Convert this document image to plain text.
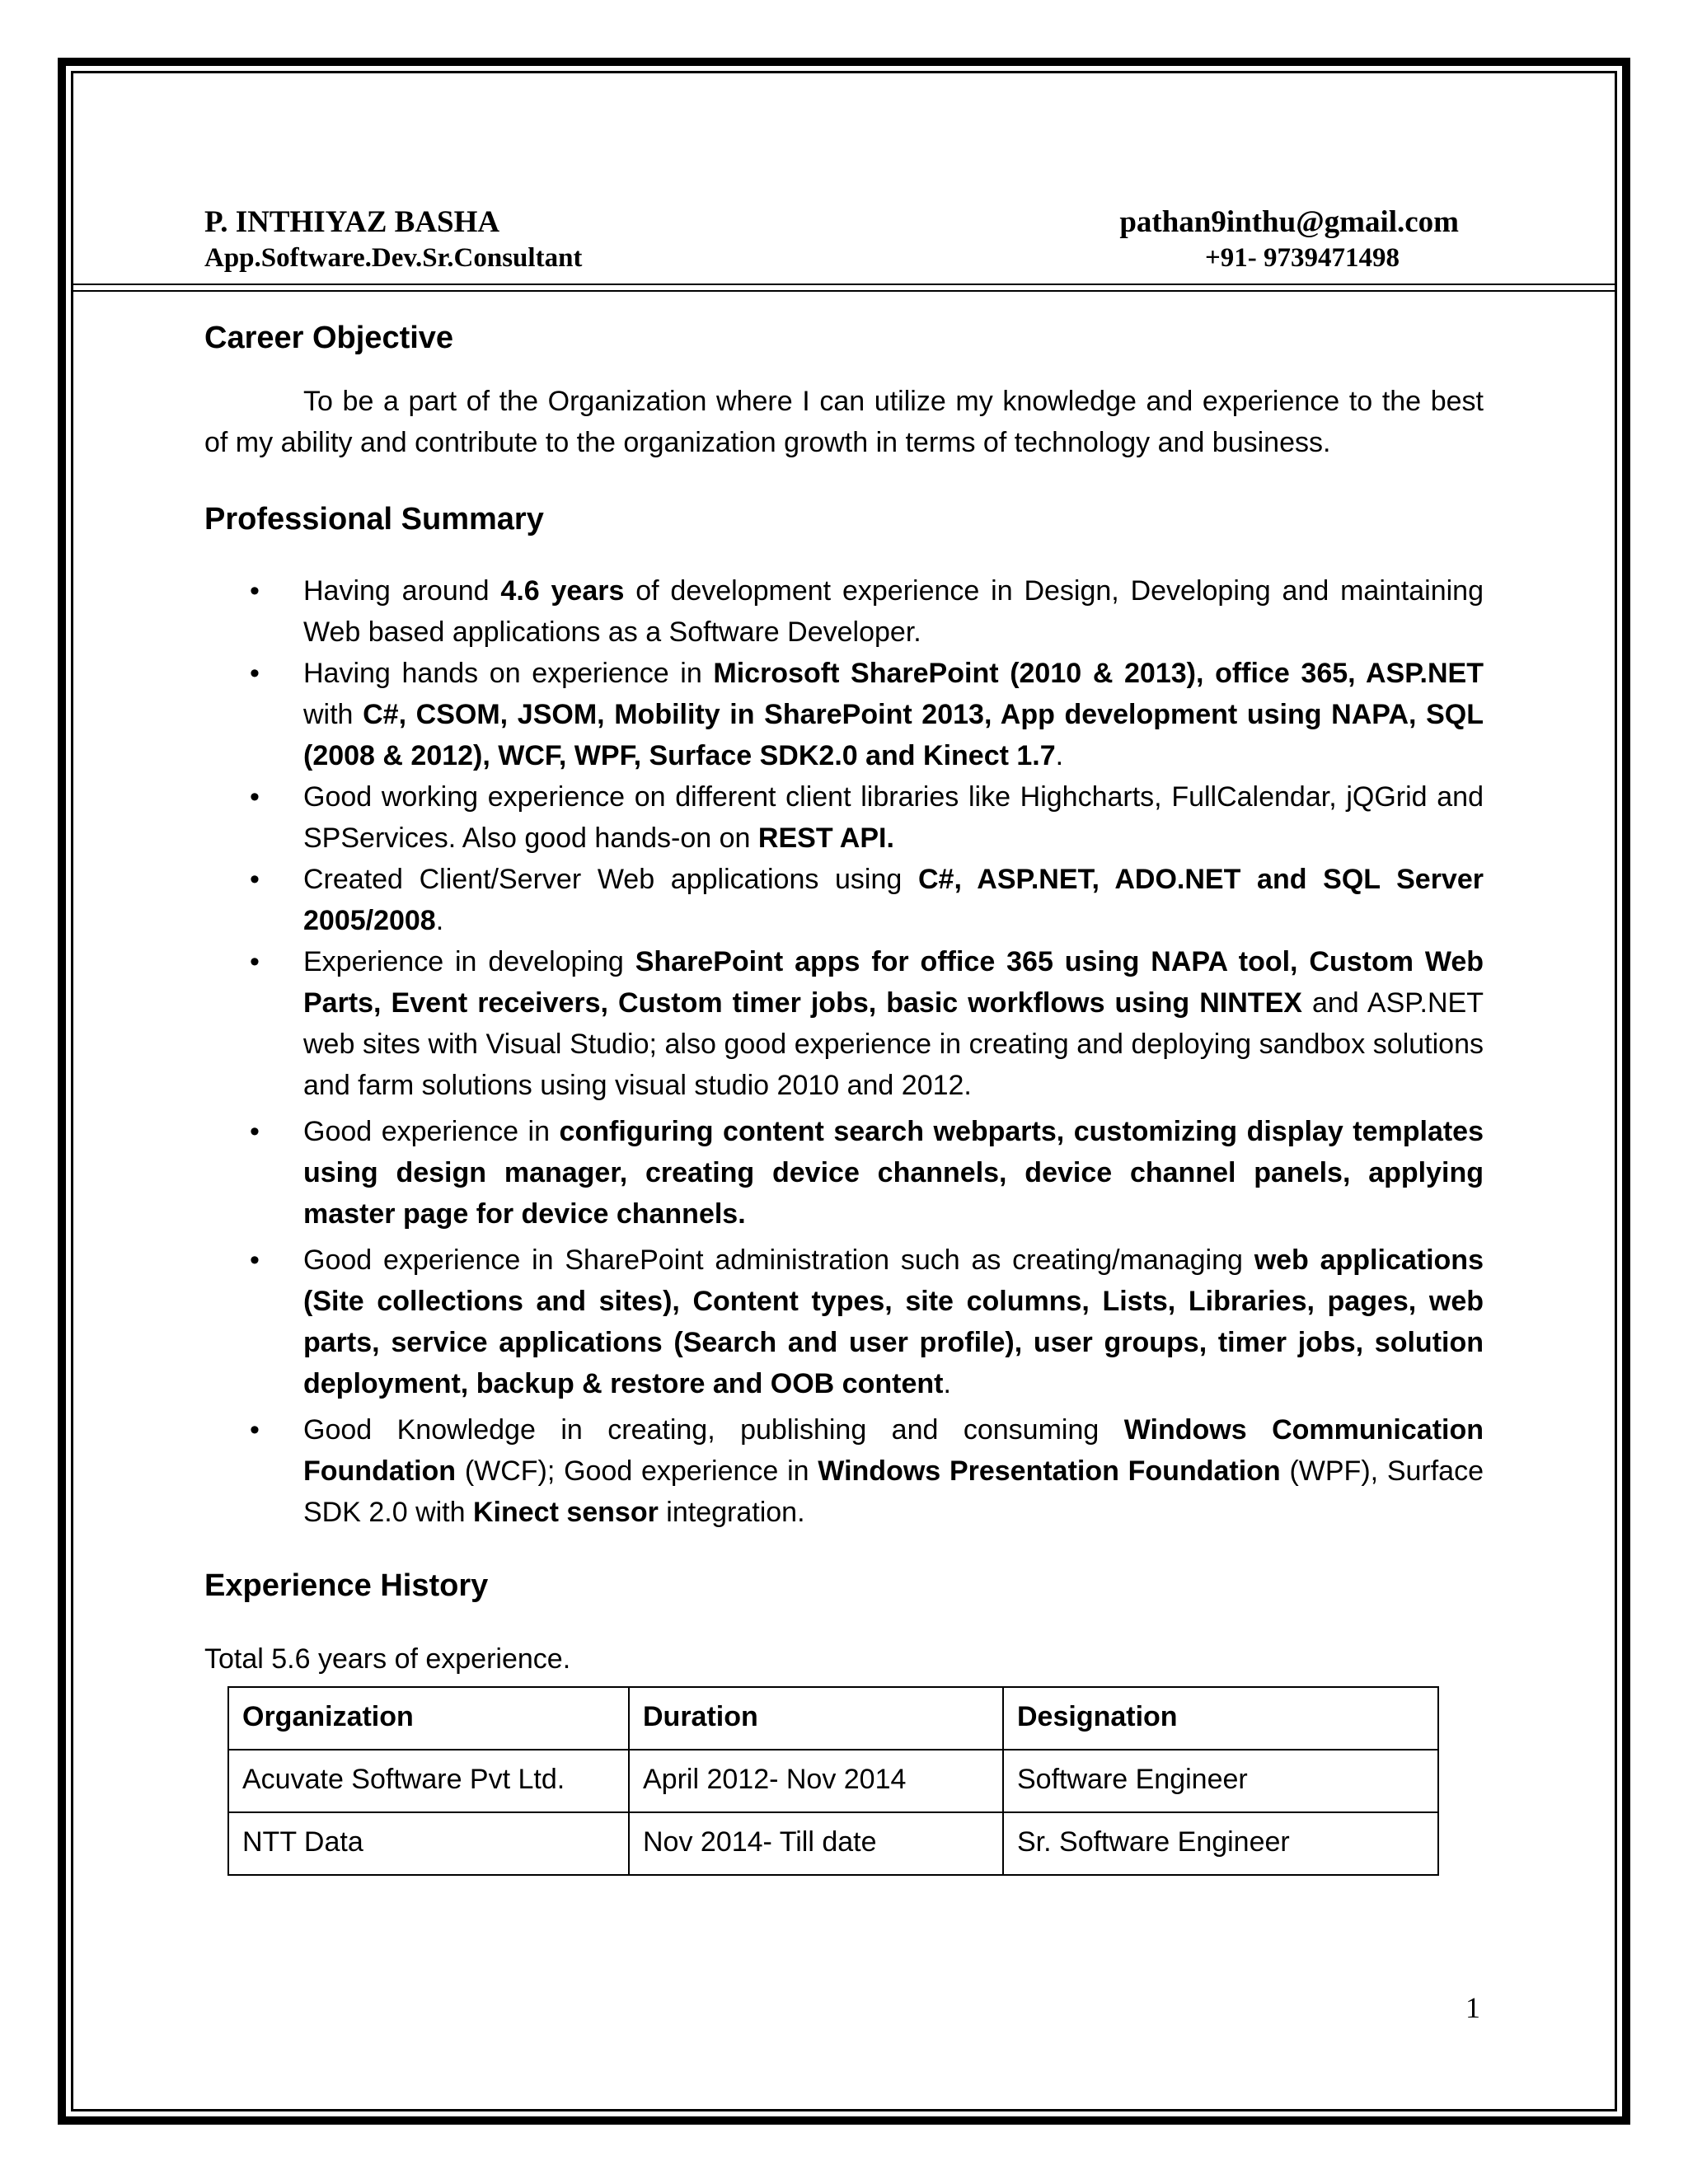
P. INTHIYAZ BASHA
App.Software.Dev.Sr.Consultant
pathan9inthu@gmail.com
+91- 9739471498
Career Objective

To be a part of the Organization where I can utilize my knowledge and experience to the best of my ability and contribute to the organization growth in terms of technology and business.

Professional Summary
• Having around 4.6 years of development experience in Design, Developing and maintaining Web based applications as a Software Developer.
• Having hands on experience in Microsoft SharePoint (2010 & 2013), office 365, ASP.NET with C#, CSOM, JSOM, Mobility in SharePoint 2013, App development using NAPA, SQL (2008 & 2012), WCF, WPF, Surface SDK2.0 and Kinect 1.7.
• Good working experience on different client libraries like Highcharts, FullCalendar, jQGrid and SPServices. Also good hands-on on REST API.
• Created Client/Server Web applications using C#, ASP.NET, ADO.NET and SQL Server 2005/2008.
• Experience in developing SharePoint apps for office 365 using NAPA tool, Custom Web Parts, Event receivers, Custom timer jobs, basic workflows using NINTEX and ASP.NET web sites with Visual Studio; also good experience in creating and deploying sandbox solutions and farm solutions using visual studio 2010 and 2012.
• Good experience in configuring content search webparts, customizing display templates using design manager, creating device channels, device channel panels, applying master page for device channels.
• Good experience in SharePoint administration such as creating/managing web applications (Site collections and sites), Content types, site columns, Lists, Libraries, pages, web parts, service applications (Search and user profile), user groups, timer jobs, solution deployment, backup & restore and OOB content.
• Good Knowledge in creating, publishing and consuming Windows Communication Foundation (WCF); Good experience in Windows Presentation Foundation (WPF), Surface SDK 2.0 with Kinect sensor integration.
Experience History

Total 5.6 years of experience.

Organization	Duration	Designation
Acuvate Software Pvt Ltd.	April 2012- Nov 2014	Software Engineer
NTT Data	Nov 2014- Till date	Sr. Software Engineer
1
